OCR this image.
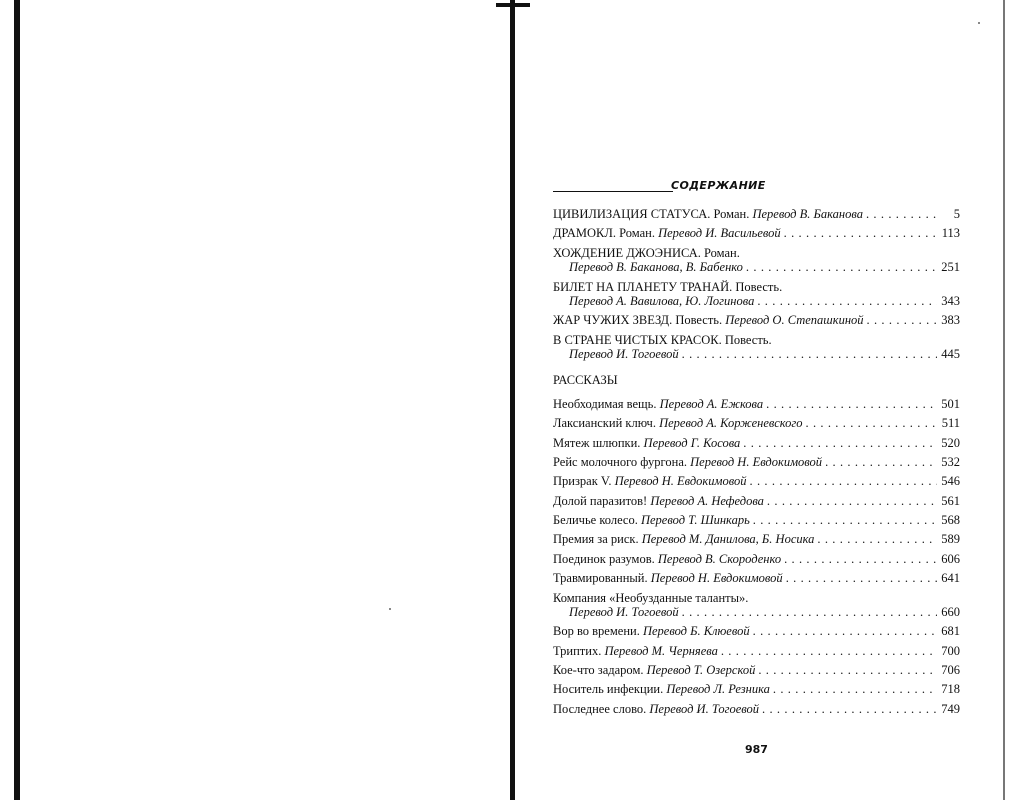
СОДЕРЖАНИЕ
ЦИВИЛИЗАЦИЯ СТАТУСА. Роман.
Перевод В. Баканова . . .	5
ДРАМОКЛ. Роман.
Перевод И. Васильевой . . .	113
ХОЖДЕНИЕ ДЖОЭНИСА. Роман.
Перевод В. Баканова, В. Бабенко . . .	251
БИЛЕТ НА ПЛАНЕТУ ТРАНАЙ. Повесть.
Перевод А. Вавилова, Ю. Логинова . . .	343
ЖАР ЧУЖИХ ЗВЕЗД. Повесть.
Перевод О. Степашкиной . . .	383
В СТРАНЕ ЧИСТЫХ КРАСОК. Повесть.
Перевод И. Тогоевой . . .	445
РАССКАЗЫ
Необходимая вещь.
Перевод А. Ежкова . . .	501
Лаксианский ключ.
Перевод А. Корженевского . . .	511
Мятеж шлюпки.
Перевод Г. Косова . . .	520
Рейс молочного фургона.
Перевод Н. Евдокимовой . . .	532
Призрак V.
Перевод Н. Евдокимовой . . .	546
Долой паразитов!
Перевод А. Нефедова . . .	561
Беличье колесо.
Перевод Т. Шинкарь . . .	568
Премия за риск.
Перевод М. Данилова, Б. Носика . . .	589
Поединок разумов.
Перевод В. Скороденко . . .	606
Травмированный.
Перевод Н. Евдокимовой . . .	641
Компания «Необузданные таланты».
Перевод И. Тогоевой . . .	660
Вор во времени.
Перевод Б. Клюевой . . .	681
Триптих.
Перевод М. Черняева . . .	700
Кое-что задаром.
Перевод Т. Озерской . . .	706
Носитель инфекции.
Перевод Л. Резника . . .	718
Последнее слово.
Перевод И. Тогоевой . . .	749
987
